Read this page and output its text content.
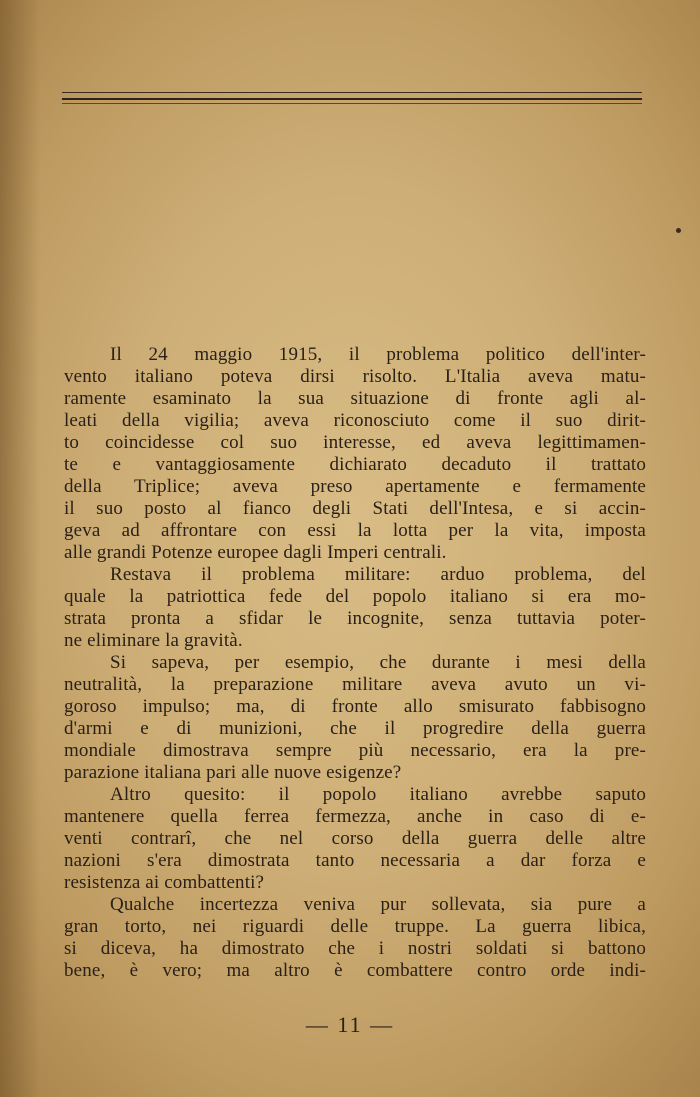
Il 24 maggio 1915, il problema politico dell'inter-

vento italiano poteva dirsi risolto. L'Italia aveva matu-

ramente esaminato la sua situazione di fronte agli al-

leati della vigilia; aveva riconosciuto come il suo dirit-

to coincidesse col suo interesse, ed aveva legittimamen-

te e vantaggiosamente dichiarato decaduto il trattato

della Triplice; aveva preso apertamente e fermamente

il suo posto al fianco degli Stati dell'Intesa, e si accin-

geva ad affrontare con essi la lotta per la vita, imposta

alle grandi Potenze europee dagli Imperi centrali.

Restava il problema militare: arduo problema, del

quale la patriottica fede del popolo italiano si era mo-

strata pronta a sfidar le incognite, senza tuttavia poter-

ne eliminare la gravità.

Si sapeva, per esempio, che durante i mesi della

neutralità, la preparazione militare aveva avuto un vi-

goroso impulso; ma, di fronte allo smisurato fabbisogno

d'armi e di munizioni, che il progredire della guerra

mondiale dimostrava sempre più necessario, era la pre-

parazione italiana pari alle nuove esigenze?

Altro quesito: il popolo italiano avrebbe saputo

mantenere quella ferrea fermezza, anche in caso di e-

venti contrarî, che nel corso della guerra delle altre

nazioni s'era dimostrata tanto necessaria a dar forza e

resistenza ai combattenti?

Qualche incertezza veniva pur sollevata, sia pure a

gran torto, nei riguardi delle truppe. La guerra libica,

si diceva, ha dimostrato che i nostri soldati si battono

bene, è vero; ma altro è combattere contro orde indi-

— 11 —
